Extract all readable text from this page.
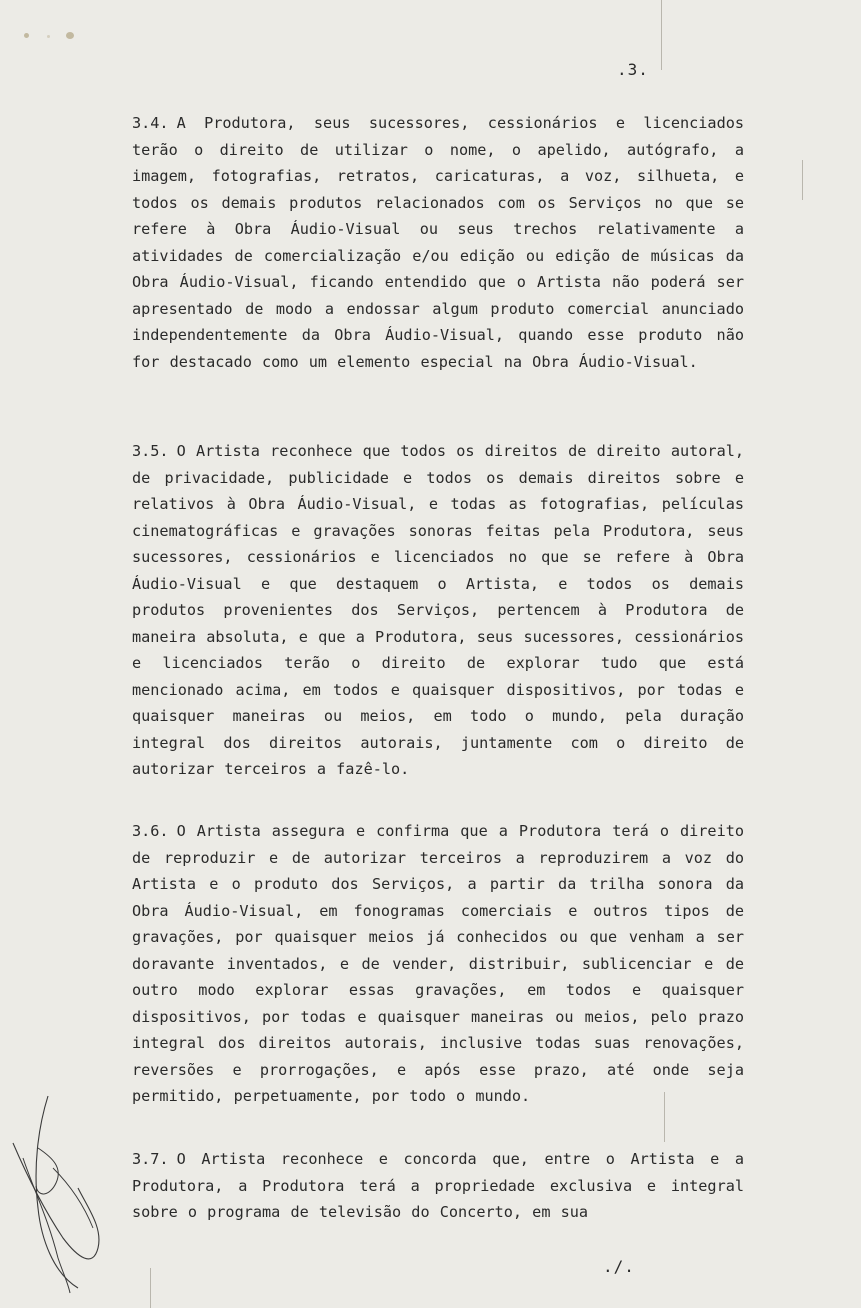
.3.
3.4. A Produtora, seus sucessores, cessionários e licenciados terão o direito de utilizar o nome, o apelido, autógrafo, a imagem, fotografias, retratos, caricaturas, a voz, silhueta, e todos os demais produtos relacionados com os Serviços no que se refere à Obra Áudio-Visual ou seus trechos relativamente a atividades de comercialização e/ou edição ou edição de músicas da Obra Áudio-Visual, ficando entendido que o Artista não poderá ser apresentado de modo a endossar algum produto comercial anunciado independentemente da Obra Áudio-Visual, quando esse produto não for destacado como um elemento especial na Obra Áudio-Visual.
3.5. O Artista reconhece que todos os direitos de direito autoral, de privacidade, publicidade e todos os demais direitos sobre e relativos à Obra Áudio-Visual, e todas as fotografias, películas cinematográficas e gravações sonoras feitas pela Produtora, seus sucessores, cessionários e licenciados no que se refere à Obra Áudio-Visual e que destaquem o Artista, e todos os demais produtos provenientes dos Serviços, pertencem à Produtora de maneira absoluta, e que a Produtora, seus sucessores, cessionários e licenciados terão o direito de explorar tudo que está mencionado acima, em todos e quaisquer dispositivos, por todas e quaisquer maneiras ou meios, em todo o mundo, pela duração integral dos direitos autorais, juntamente com o direito de autorizar terceiros a fazê-lo.
3.6. O Artista assegura e confirma que a Produtora terá o direito de reproduzir e de autorizar terceiros a reproduzirem a voz do Artista e o produto dos Serviços, a partir da trilha sonora da Obra Áudio-Visual, em fonogramas comerciais e outros tipos de gravações, por quaisquer meios já conhecidos ou que venham a ser doravante inventados, e de vender, distribuir, sublicenciar e de outro modo explorar essas gravações, em todos e quaisquer dispositivos, por todas e quaisquer maneiras ou meios, pelo prazo integral dos direitos autorais, inclusive todas suas renovações, reversões e prorrogações, e após esse prazo, até onde seja permitido, perpetuamente, por todo o mundo.
3.7. O Artista reconhece e concorda que, entre o Artista e a Produtora, a Produtora terá a propriedade exclusiva e integral sobre o programa de televisão do Concerto, em sua
./.
